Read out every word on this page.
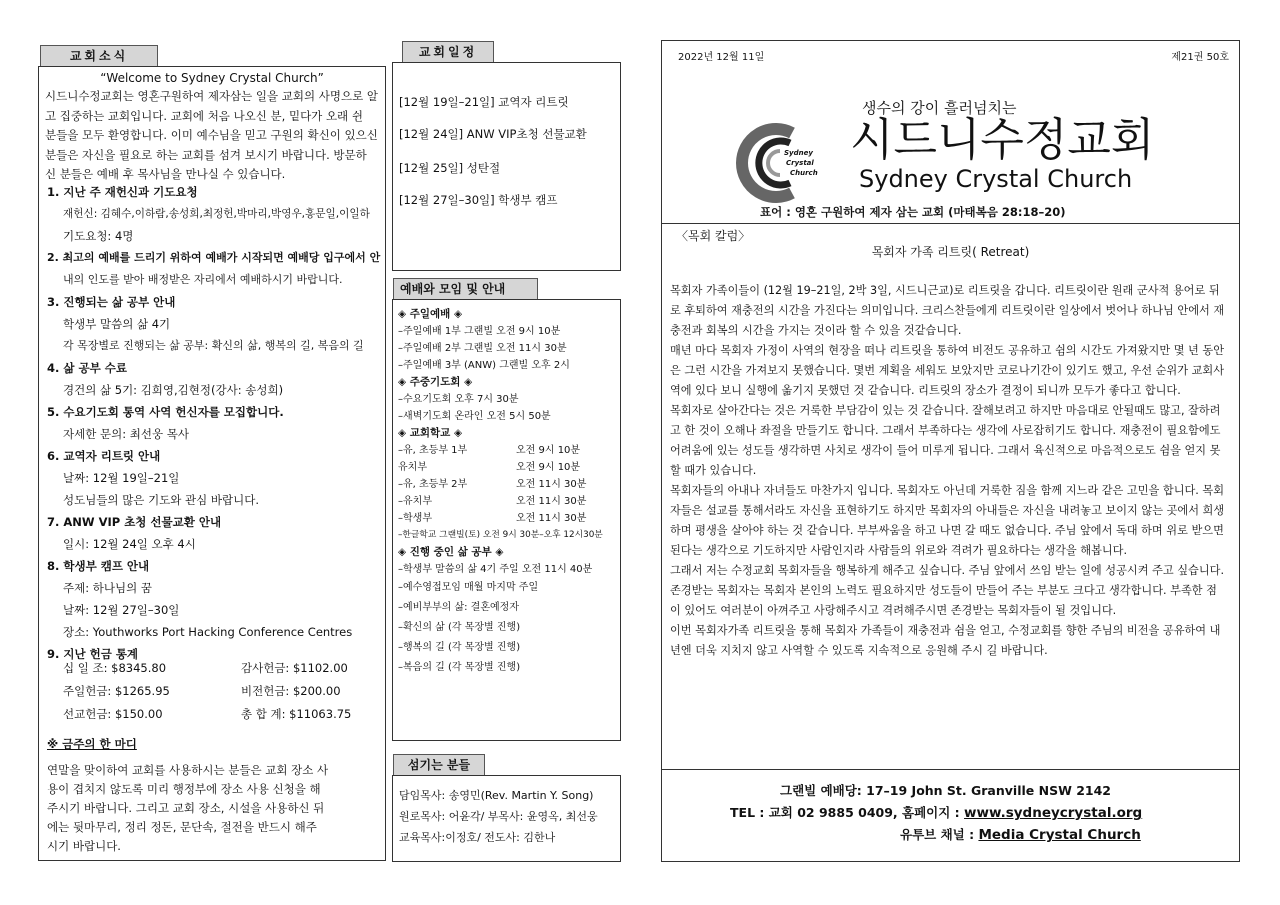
교회소식
“Welcome to Sydney Crystal Church”
시드니수정교회는 영혼구원하여 제자삼는 일을 교회의 사명으로 알
고 집중하는 교회입니다. 교회에 처음 나오신 분, 밑다가 오래 쉰
분들을 모두 환영합니다. 이미 예수님을 믿고 구원의 확신이 있으신
분들은 자신을 필요로 하는 교회를 섬겨 보시기 바랍니다. 방문하
신 분들은 예배 후 목사님을 만나실 수 있습니다.
1. 지난 주 재헌신과 기도요청
재헌신: 김혜수,이하람,송성희,최정헌,박마리,박영우,홍문일,이일하
기도요청: 4명
2. 최고의 예배를 드리기 위하여 예배가 시작되면 예배당 입구에서 안
내의 인도를 받아 배정받은 자리에서 예배하시기 바랍니다.
3. 진행되는 삶 공부 안내
학생부 말씀의 삶 4기
각 목장별로 진행되는 삶 공부: 확신의 삶, 행복의 길, 복음의 길
4. 삶 공부 수료
경건의 삶 5기: 김희영,김현정(강사: 송성희)
5. 수요기도회 통역 사역 헌신자를 모집합니다.
자세한 문의: 최선웅 목사
6. 교역자 리트릿 안내
날짜: 12월 19일–21일
성도님들의 많은 기도와 관심 바랍니다.
7. ANW VIP 초청 선물교환 안내
일시: 12월 24일 오후 4시
8. 학생부 캠프 안내
주제: 하나님의 꿈
날짜: 12월 27일–30일
장소: Youthworks Port Hacking Conference Centres
9. 지난 헌금 통계
십 일 조: $8345.80	감사헌금: $1102.00
주일헌금: $1265.95	비전헌금: $200.00
선교헌금: $150.00	총 합 계: $11063.75
※ 금주의 한 마디
연말을 맞이하여 교회를 사용하시는 분들은 교회 장소 사
용이 겹치지 않도록 미리 행정부에 장소 사용 신청을 해
주시기 바랍니다. 그리고 교회 장소, 시설을 사용하신 뒤
에는 뒷마무리, 정리 정돈, 문단속, 절전을 반드시 해주
시기 바랍니다.
교회일정
[12월 19일–21일] 교역자 리트릿
[12월 24일] ANW VIP초청 선물교환
[12월 25일] 성탄절
[12월 27일–30일] 학생부 캠프
예배와 모임 및 안내
◈ 주일예배 ◈
–주일예배 1부 그랜빌 오전 9시 10분
–주일예배 2부 그랜빌 오전 11시 30분
–주일예배 3부 (ANW) 그랜빌 오후 2시
◈ 주중기도회 ◈
–수요기도회 오후 7시 30분
–새벽기도회 온라인 오전 5시 50분
◈ 교회학교 ◈
–유, 초등부 1부	오전 9시 10분
유치부	오전 9시 10분
–유, 초등부 2부	오전 11시 30분
–유치부	오전 11시 30분
–학생부	오전 11시 30분
–한글학교 그랜빌(토) 오전 9시 30분–오후 12시30분
◈ 진행 중인 삶 공부 ◈
–학생부 말씀의 삶 4기 주일 오전 11시 40분
–예수영접모임 매월 마지막 주일
–예비부부의 삶: 결혼예정자
–확신의 삶 (각 목장별 진행)
–행복의 길 (각 목장별 진행)
–복음의 길 (각 목장별 진행)
섬기는 분들
담임목사: 송영민(Rev. Martin Y. Song)
원로목사: 어윤각/ 부목사: 윤영옥, 최선웅
교육목사:이정호/ 전도사: 김한나
2022년 12월 11일	제21권 50호
Sydney
Crystal
Church
생수의 강이 흘러넘치는
시드니수정교회
Sydney Crystal Church
표어 : 영혼 구원하여 제자 삼는 교회 (마태복음 28:18–20)
〈목회 칼럼〉
목회자 가족 리트릿( Retreat)

목회자 가족이들이 (12월 19–21일, 2박 3일, 시드니근교)로 리트릿을 갑니다. 리트릿이란 원래 군사적 용어로 뒤로 후퇴하여 재충전의 시간을 가진다는 의미입니다. 크리스찬들에게 리트릿이란 일상에서 벗어나 하나님 안에서 재충전과 회복의 시간을 가지는 것이라 할 수 있을 것같습니다.

매년 마다 목회자 가정이 사역의 현장을 떠나 리트릿을 통하여 비전도 공유하고 쉼의 시간도 가져왔지만 몇 년 동안은 그런 시간을 가져보지 못했습니다. 몇번 계획을 세워도 보았지만 코로나기간이 있기도 했고, 우선 순위가 교회사역에 있다 보니 실행에 옮기지 못했던 것 같습니다. 리트릿의 장소가 결정이 되니까 모두가 좋다고 합니다.

목회자로 살아간다는 것은 거룩한 부담감이 있는 것 같습니다. 잘해보려고 하지만 마음대로 안될때도 많고, 잘하려고 한 것이 오해나 좌절을 만들기도 합니다. 그래서 부족하다는 생각에 사로잡히기도 합니다. 재충전이 필요함에도 어려움에 있는 성도들 생각하면 사치로 생각이 들어 미루게 됩니다. 그래서 육신적으로 마음적으로도 쉼을 얻지 못할 때가 있습니다.

목회자들의 아내나 자녀들도 마찬가지 입니다. 목회자도 아닌데 거룩한 짐을 함께 지느라 같은 고민을 합니다. 목회자들은 설교를 통해서라도 자신을 표현하기도 하지만 목회자의 아내들은 자신을 내려놓고 보이지 않는 곳에서 희생하며 평생을 살아야 하는 것 같습니다. 부부싸움을 하고 나면 갈 때도 없습니다. 주님 앞에서 독대 하며 위로 받으면 된다는 생각으로 기도하지만 사람인지라 사람들의 위로와 격려가 필요하다는 생각을 해봅니다.

그래서 저는 수정교회 목회자들을 행복하게 해주고 싶습니다. 주님 앞에서 쓰임 받는 일에 성공시켜 주고 싶습니다. 존경받는 목회자는 목회자 본인의 노력도 필요하지만 성도들이 만들어 주는 부분도 크다고 생각합니다. 부족한 점이 있어도 여러분이 아껴주고 사랑해주시고 격려해주시면 존경받는 목회자들이 될 것입니다.

이번 목회자가족 리트릿을 통해 목회자 가족들이 재충전과 쉼을 얻고, 수정교회를 향한 주님의 비전을 공유하여 내년엔 더욱 지치지 않고 사역할 수 있도록 지속적으로 응원해 주시 길 바랍니다.

그랜빌 예배당: 17–19 John St. Granville NSW 2142
TEL : 교회 02 9885 0409, 홈페이지 : www.sydneycrystal.org
유투브 채널 : Media Crystal Church
